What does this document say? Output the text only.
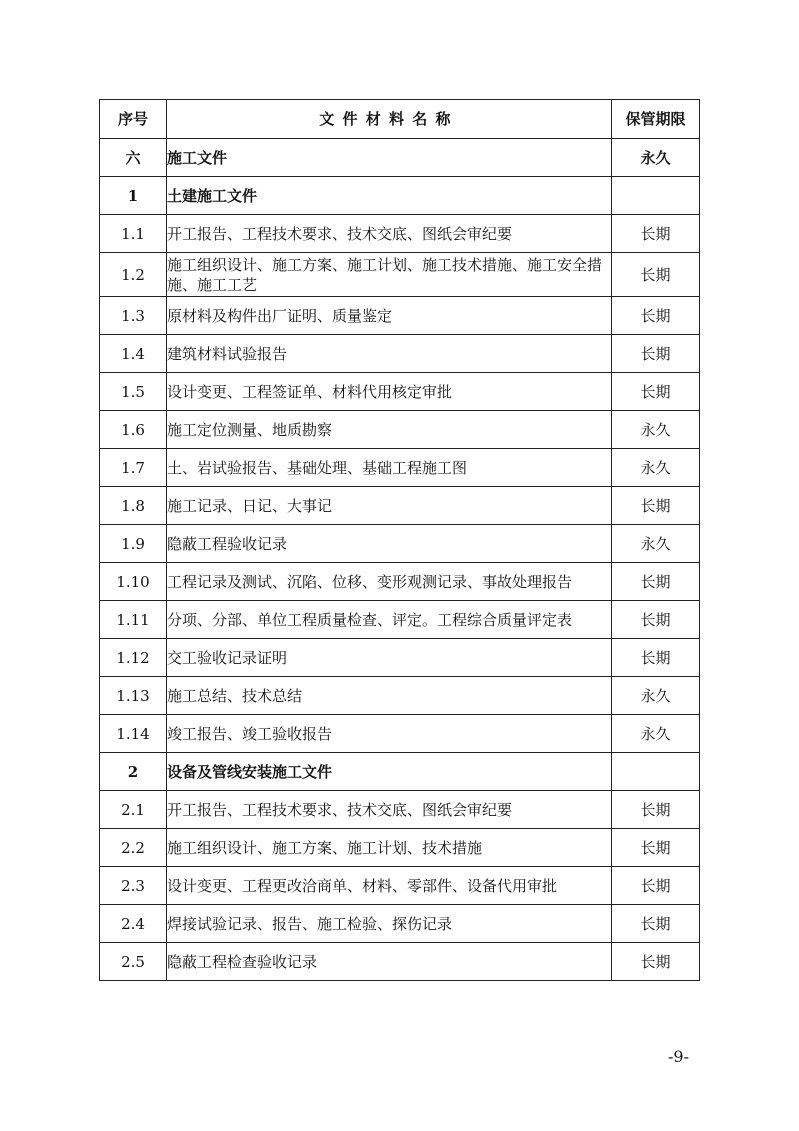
序号	文件材料名称	保管期限
六	施工文件	永久
1	土建施工文件	
1.1	开工报告、工程技术要求、技术交底、图纸会审纪要	长期
1.2	施工组织设计、施工方案、施工计划、施工技术措施、施工安全措施、施工工艺	长期
1.3	原材料及构件出厂证明、质量鉴定	长期
1.4	建筑材料试验报告	长期
1.5	设计变更、工程签证单、材料代用核定审批	长期
1.6	施工定位测量、地质勘察	永久
1.7	土、岩试验报告、基础处理、基础工程施工图	永久
1.8	施工记录、日记、大事记	长期
1.9	隐蔽工程验收记录	永久
1.10	工程记录及测试、沉陷、位移、变形观测记录、事故处理报告	长期
1.11	分项、分部、单位工程质量检查、评定。工程综合质量评定表	长期
1.12	交工验收记录证明	长期
1.13	施工总结、技术总结	永久
1.14	竣工报告、竣工验收报告	永久
2	设备及管线安装施工文件	
2.1	开工报告、工程技术要求、技术交底、图纸会审纪要	长期
2.2	施工组织设计、施工方案、施工计划、技术措施	长期
2.3	设计变更、工程更改洽商单、材料、零部件、设备代用审批	长期
2.4	焊接试验记录、报告、施工检验、探伤记录	长期
2.5	隐蔽工程检查验收记录	长期
-9-
